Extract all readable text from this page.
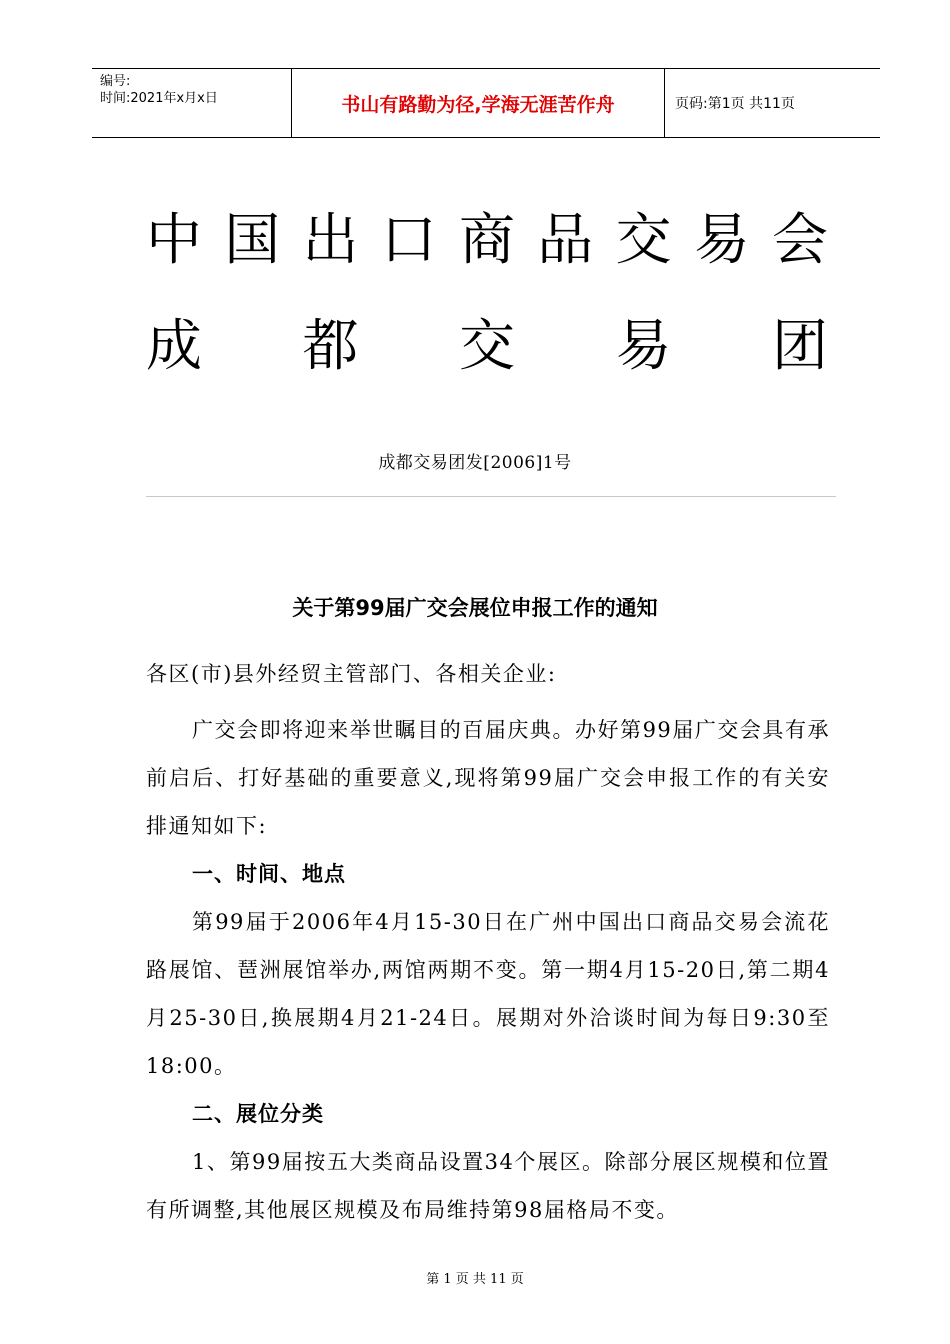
编号:
时间:2021年x月x日	书山有路勤为径,学海无涯苦作舟	页码:第1页 共11页
中 国 出 口 商 品 交 易 会
成 都 交 易 团
成都交易团发[2006]1号
关于第99届广交会展位申报工作的通知

各区(市)县外经贸主管部门、各相关企业:

广交会即将迎来举世瞩目的百届庆典。办好第99届广交会具有承前启后、打好基础的重要意义,现将第99届广交会申报工作的有关安排通知如下:

一、时间、地点

第99届于2006年4月15-30日在广州中国出口商品交易会流花路展馆、琶洲展馆举办,两馆两期不变。第一期4月15-20日,第二期4月25-30日,换展期4月21-24日。展期对外洽谈时间为每日9:30至18:00。

二、展位分类

1、第99届按五大类商品设置34个展区。除部分展区规模和位置有所调整,其他展区规模及布局维持第98届格局不变。

第 1 页 共 11 页
